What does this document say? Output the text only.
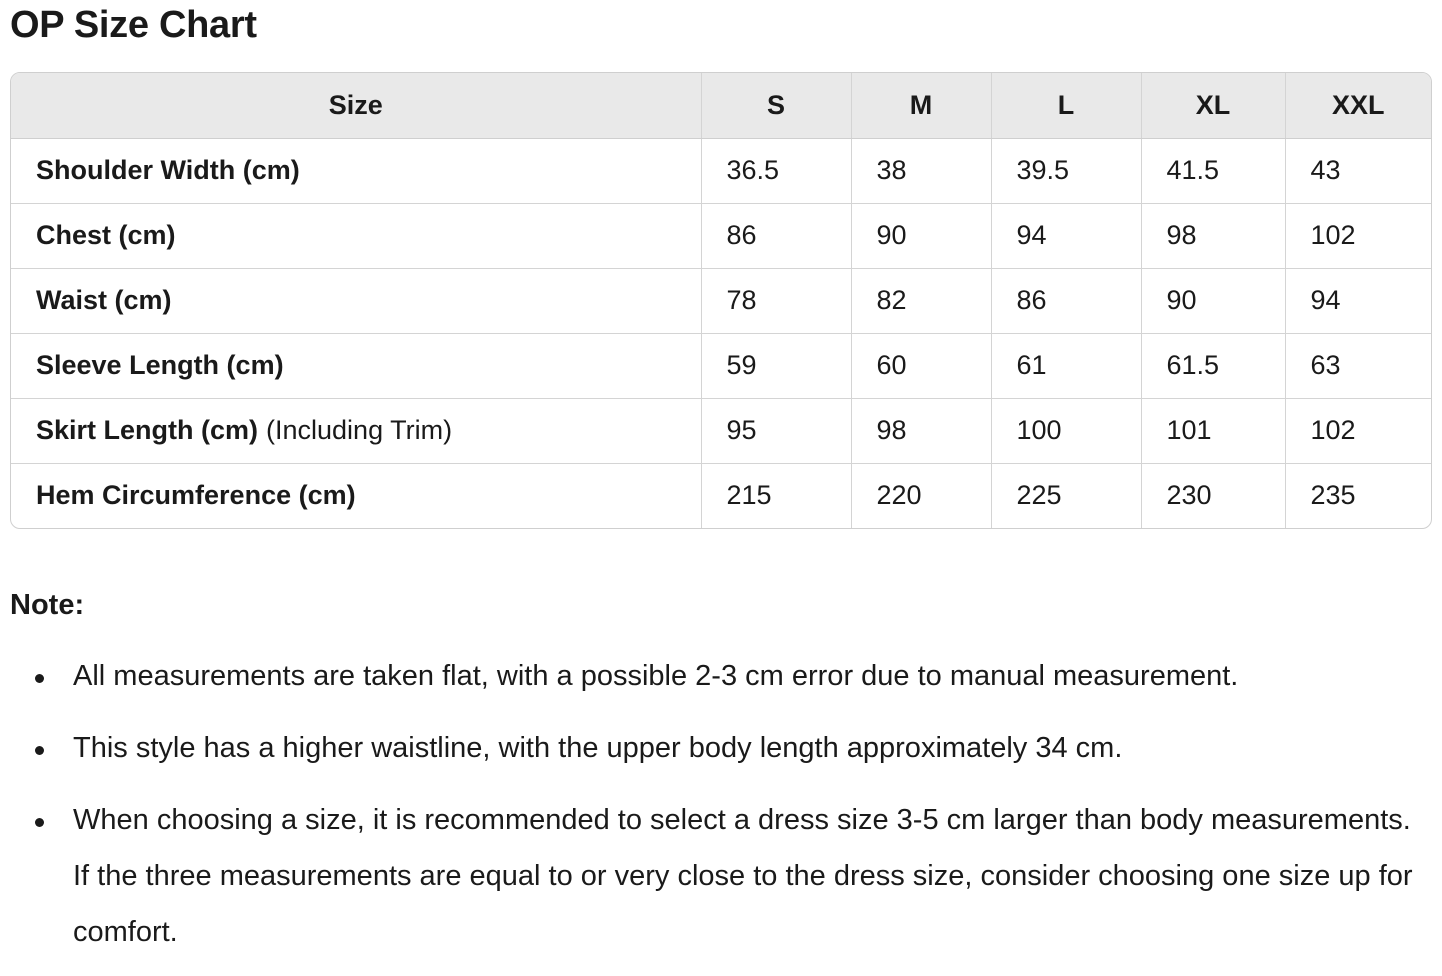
OP Size Chart
Size	S	M	L	XL	XXL
Shoulder Width (cm)	36.5	38	39.5	41.5	43
Chest (cm)	86	90	94	98	102
Waist (cm)	78	82	86	90	94
Sleeve Length (cm)	59	60	61	61.5	63
Skirt Length (cm) (Including Trim)	95	98	100	101	102
Hem Circumference (cm)	215	220	225	230	235

Note:

All measurements are taken flat, with a possible 2-3 cm error due to manual measurement.
This style has a higher waistline, with the upper body length approximately 34 cm.
When choosing a size, it is recommended to select a dress size 3-5 cm larger than body measurements. If the three measurements are equal to or very close to the dress size, consider choosing one size up for comfort.
